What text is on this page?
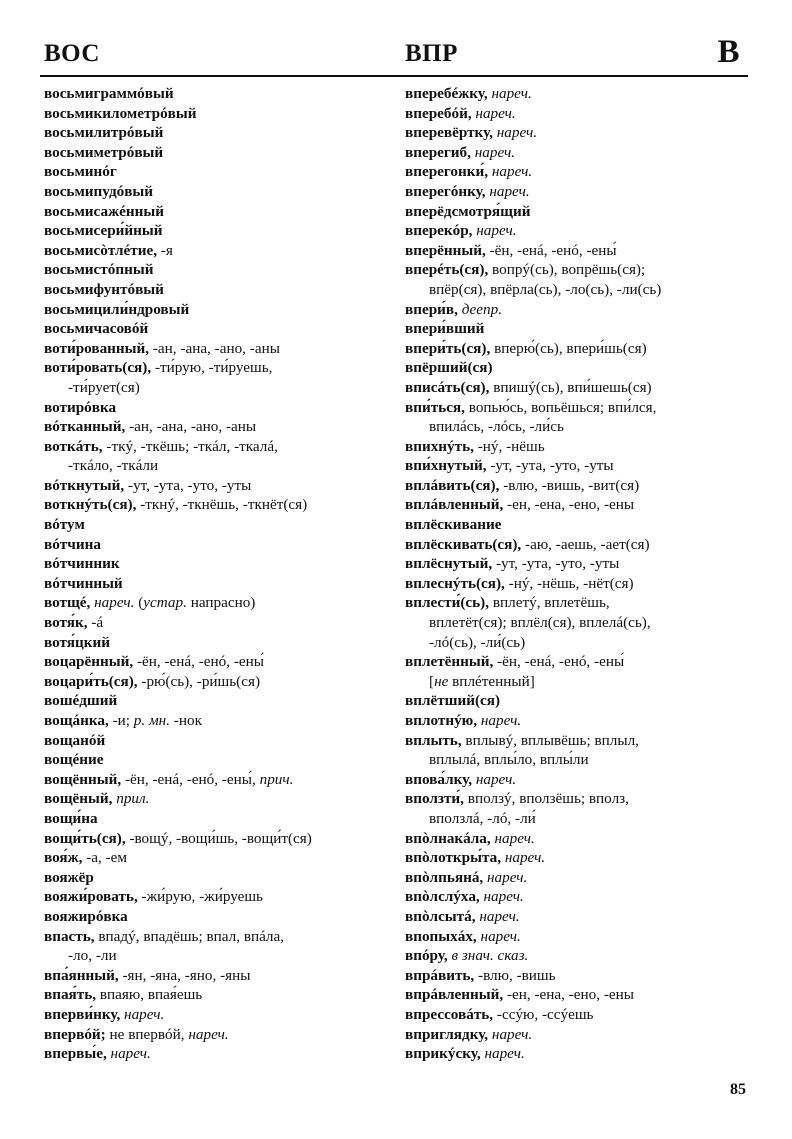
ВОС	ВПР	В
восьмиграммóвый
восьмикилометрóвый
восьмилитрóвый
восьмиметрóвый
восьминóг
восьмипудóвый
восьмисажéнный
восьмисери́йный
восьмисòтлéтие, -я
восьмистóпный
восьмифунтóвый
восьмицили́ндровый
восьмичасовóй
воти́рованный, -ан, -ана, -ано, -аны
воти́ровать(ся), -ти́рую, -ти́руешь,
-ти́рует(ся)
вотирóвка
вóтканный, -ан, -ана, -ано, -аны
воткáть, -ткý, -ткёшь; -ткáл, -ткалá,
-ткáло, -ткáли
вóткнутый, -ут, -ута, -уто, -уты
воткнýть(ся), -ткнý, -ткнёшь, -ткнёт(ся)
вóтум
вóтчина
вóтчинник
вóтчинный
вотщé, нареч. (устар. напрасно)
вотя́к, -á
вотя́цкий
воцарённый, -ён, -енá, -енó, -ены́
воцари́ть(ся), -рю́(сь), -ри́шь(ся)
вошéдший
вощáнка, -и; р. мн. -нок
вощанóй
вощéние
вощённый, -ён, -енá, -енó, -ены́, прич.
вощёный, прил.
вощи́на
вощи́ть(ся), -вощý, -вощи́шь, -вощи́т(ся)
воя́ж, -а, -ем
вояжёр
вояжи́ровать, -жи́рую, -жи́руешь
вояжирóвка
впасть, впадý, впадёшь; впал, впáла,
-ло, -ли
впа́янный, -ян, -яна, -яно, -яны
впая́ть, впаяю, впая́ешь
вперви́нку, нареч.
впервóй; не впервóй, нареч.
впервы́е, нареч.
вперебéжку, нареч.
вперебóй, нареч.
вперевёртку, нареч.
вперегиб, нареч.
вперегонки́, нареч.
вперегóнку, нареч.
вперёдсмотря́щий
вперекóр, нареч.
вперённый, -ён, -енá, -енó, -ены́
вперéть(ся), вопрý(сь), вопрёшь(ся);
впёр(ся), впёрла(сь), -ло(сь), -ли(сь)
впери́в, деепр.
впери́вший
впери́ть(ся), вперю́(сь), впери́шь(ся)
впёрший(ся)
вписáть(ся), впишý(сь), впи́шешь(ся)
впи́ться, вопью́сь, вопьёшься; впи́лся,
впилáсь, -лóсь, -ли́сь
впихнýть, -нý, -нёшь
впи́хнутый, -ут, -ута, -уто, -уты
вплáвить(ся), -влю, -вишь, -вит(ся)
вплáвленный, -ен, -ена, -ено, -ены
вплёскивание
вплёскивать(ся), -аю, -аешь, -ает(ся)
вплёснутый, -ут, -ута, -уто, -уты
вплеснýть(ся), -нý, -нёшь, -нёт(ся)
вплести́(сь), вплетý, вплетёшь,
вплетёт(ся); вплёл(ся), вплелá(сь),
-лó(сь), -ли́(сь)
вплетённый, -ён, -енá, -енó, -ены́
[не вплéтенный]
вплётший(ся)
вплотнýю, нареч.
вплыть, вплывý, вплывёшь; вплыл,
вплылá, вплы́ло, вплы́ли
впова́лку, нареч.
вползти́, вползý, вползёшь; вполз,
вползлá, -лó, -ли́
впòлнакáла, нареч.
впòлоткры́та, нареч.
впòлпьянá, нареч.
впòлслýха, нареч.
впòлсытá, нареч.
впопыхáх, нареч.
впóру, в знач. сказ.
впрáвить, -влю, -вишь
впрáвленный, -ен, -ена, -ено, -ены
впрессовáть, -ссýю, -ссýешь
вприглядку, нареч.
вприкýску, нареч.
85
